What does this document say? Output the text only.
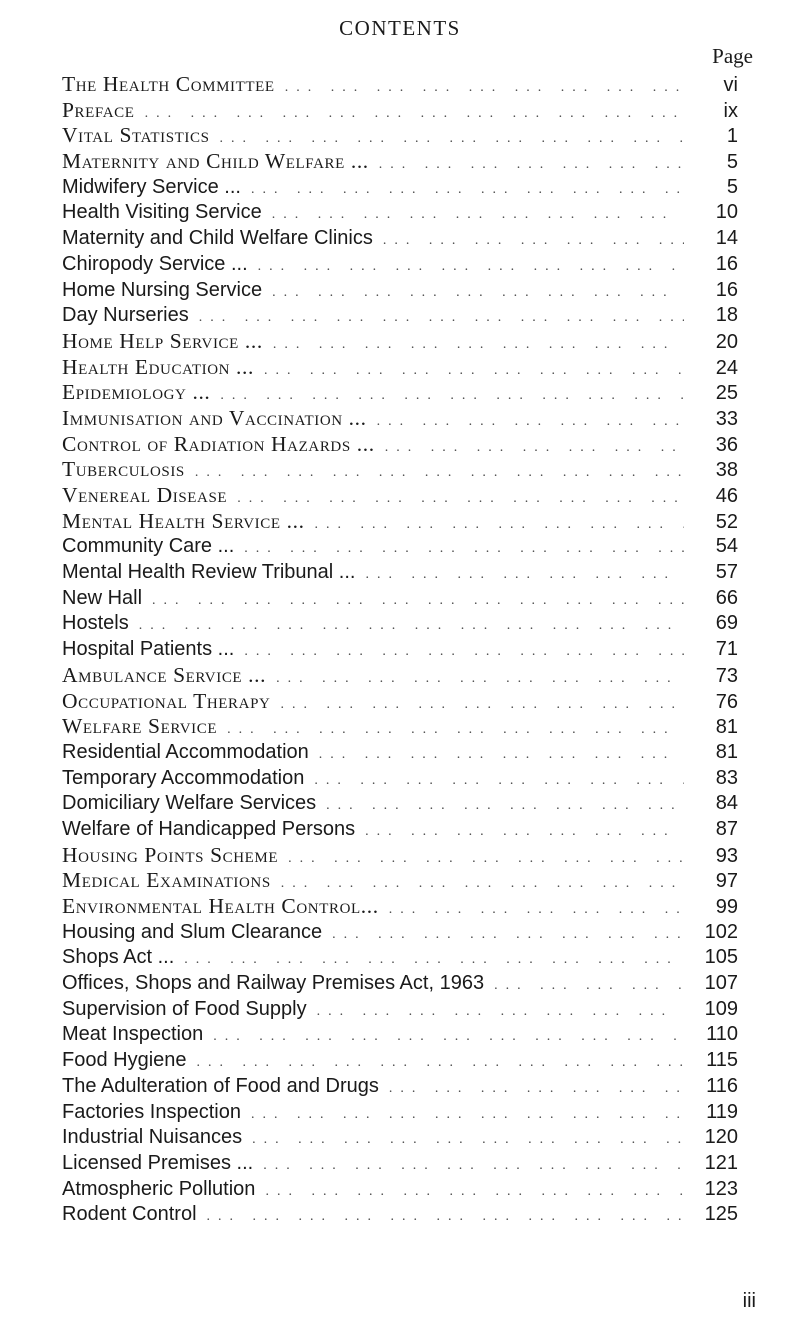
CONTENTS
Page
The Health Committee ... .	vi
Preface ... .	ix
Vital Statistics ... .	1
Maternity and Child Welfare ... ... .	5
Midwifery Service ... ... .	5
Health Visiting Service ... .	10
Maternity and Child Welfare Clinics ... .	14
Chiropody Service ... ... .	16
Home Nursing Service ... .	16
Day Nurseries ... .	18
Home Help Service ... ... .	20
Health Education ... ... .	24
Epidemiology ... ... .	25
Immunisation and Vaccination ... ... .	33
Control of Radiation Hazards ... ... .	36
Tuberculosis ... .	38
Venereal Disease ... .	46
Mental Health Service ... ... .	52
Community Care ... ... .	54
Mental Health Review Tribunal ... ... .	57
New Hall ... .	66
Hostels ... .	69
Hospital Patients ... ... .	71
Ambulance Service ... ... .	73
Occupational Therapy ... .	76
Welfare Service ... .	81
Residential Accommodation ... .	81
Temporary Accommodation ... .	83
Domiciliary Welfare Services ... .	84
Welfare of Handicapped Persons ... .	87
Housing Points Scheme ... .	93
Medical Examinations ... .	97
Environmental Health Control... ... .	99
Housing and Slum Clearance ... .	102
Shops Act ... ... .	105
Offices, Shops and Railway Premises Act, 1963 ... .	107
Supervision of Food Supply ... .	109
Meat Inspection ... .	110
Food Hygiene ... .	115
The Adulteration of Food and Drugs ... .	116
Factories Inspection ... .	119
Industrial Nuisances ... .	120
Licensed Premises ... ... .	121
Atmospheric Pollution ... .	123
Rodent Control ... .	125
iii
